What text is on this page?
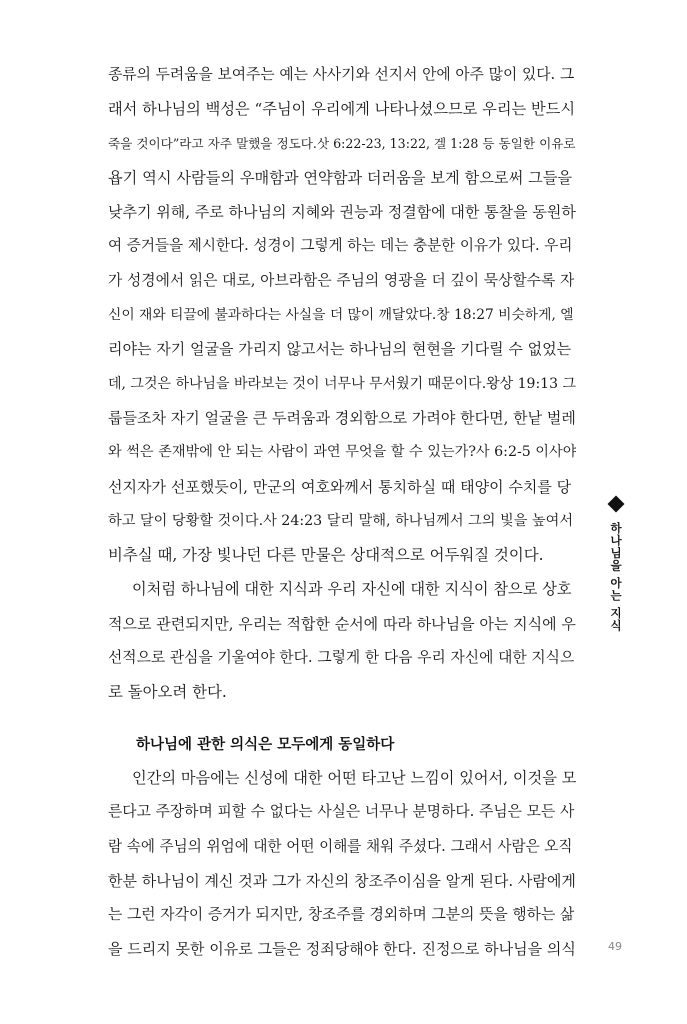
종류의 두려움을 보여주는 예는 사사기와 선지서 안에 아주 많이 있다. 그
래서 하나님의 백성은 “주님이 우리에게 나타나셨으므로 우리는 반드시
죽을 것이다”라고 자주 말했을 정도다.삿 6:22-23, 13:22, 겔 1:28 등 동일한 이유로
욥기 역시 사람들의 우매함과 연약함과 더러움을 보게 함으로써 그들을
낮추기 위해, 주로 하나님의 지혜와 권능과 정결함에 대한 통찰을 동원하
여 증거들을 제시한다. 성경이 그렇게 하는 데는 충분한 이유가 있다. 우리
가 성경에서 읽은 대로, 아브라함은 주님의 영광을 더 깊이 묵상할수록 자
신이 재와 티끌에 불과하다는 사실을 더 많이 깨달았다.창 18:27 비슷하게, 엘
리야는 자기 얼굴을 가리지 않고서는 하나님의 현현을 기다릴 수 없었는
데, 그것은 하나님을 바라보는 것이 너무나 무서웠기 때문이다.왕상 19:13 그
룹들조차 자기 얼굴을 큰 두려움과 경외함으로 가려야 한다면, 한낱 벌레
와 썩은 존재밖에 안 되는 사람이 과연 무엇을 할 수 있는가?사 6:2-5 이사야
선지자가 선포했듯이, 만군의 여호와께서 통치하실 때 태양이 수치를 당
하고 달이 당황할 것이다.사 24:23 달리 말해, 하나님께서 그의 빛을 높여서
비추실 때, 가장 빛나던 다른 만물은 상대적으로 어두워질 것이다.
이처럼 하나님에 대한 지식과 우리 자신에 대한 지식이 참으로 상호
적으로 관련되지만, 우리는 적합한 순서에 따라 하나님을 아는 지식에 우
선적으로 관심을 기울여야 한다. 그렇게 한 다음 우리 자신에 대한 지식으
로 돌아오려 한다.
하나님에 관한 의식은 모두에게 동일하다
인간의 마음에는 신성에 대한 어떤 타고난 느낌이 있어서, 이것을 모
른다고 주장하며 피할 수 없다는 사실은 너무나 분명하다. 주님은 모든 사
람 속에 주님의 위엄에 대한 어떤 이해를 채워 주셨다. 그래서 사람은 오직
한분 하나님이 계신 것과 그가 자신의 창조주이심을 알게 된다. 사람에게
는 그런 자각이 증거가 되지만, 창조주를 경외하며 그분의 뜻을 행하는 삶
을 드리지 못한 이유로 그들은 정죄당해야 한다. 진정으로 하나님을 의식
하나님을 아는 지식
49
